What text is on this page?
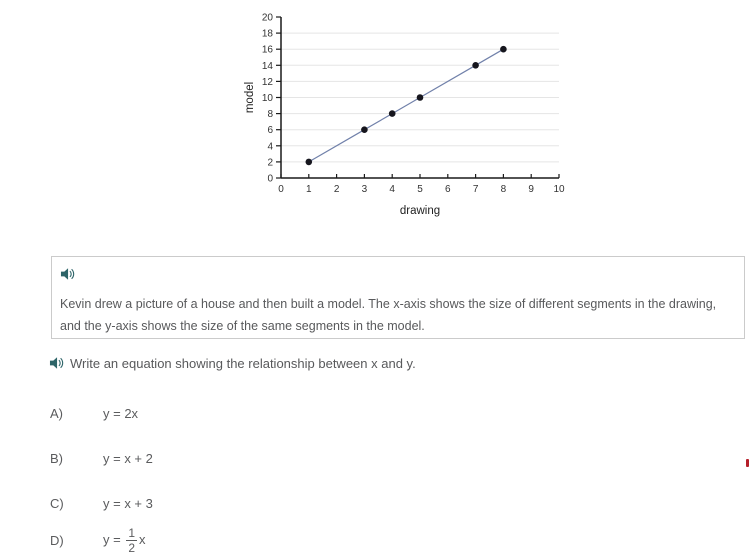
0
2
4
6
8
10
12
14
16
18
20
0 1 2 3 4 5 6 7 8 9 10
drawing
model

Kevin drew a picture of a house and then built a model. The x-axis shows the size of different segments in the drawing, and the y-axis shows the size of the same segments in the model.

Write an equation showing the relationship between x and y.
A)	y = 2x
B)	y = x + 2
C)	y = x + 3
D)	$y = \frac{1}{2}$ x
